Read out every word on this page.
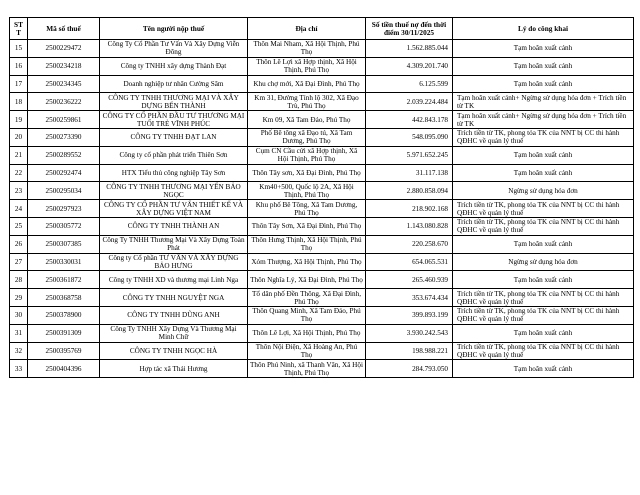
ST T	Mã số thuế	Tên người nộp thuế	Địa chỉ	Số tiền thuế nợ đến thời điểm 30/11/2025	Lý do công khai
15	2500229472	Công Ty Cổ Phần Tư Vấn Và Xây Dựng Viễn Đông	Thôn Mai Nham, Xã Hội Thịnh, Phú Thọ	1.562.885.044	Tạm hoãn xuất cảnh
16	2500234218	Công ty TNHH xây dựng Thành Đạt	Thôn Lê Lợi xã Hợp thịnh, Xã Hội Thịnh, Phú Thọ	4.309.201.740	Tạm hoãn xuất cảnh
17	2500234345	Doanh nghiệp tư nhân Cường Sâm	Khu chợ mới, Xã Đại Đình, Phú Thọ	6.125.599	Tạm hoãn xuất cảnh
18	2500236222	CÔNG TY TNHH THƯƠNG MẠI VÀ XÂY DỰNG BẾN THÀNH	Km 31, Đường Tỉnh lộ 302, Xã Đạo Trù, Phú Thọ	2.039.224.484	Tạm hoãn xuất cảnh+ Ngừng sử dụng hóa đơn + Trích tiền từ TK
19	2500259861	CÔNG TY CỔ PHẦN ĐẦU TƯ THƯƠNG MẠI TUỔI TRẺ VĨNH PHÚC	Km 09, Xã Tam Đảo, Phú Thọ	442.843.178	Tạm hoãn xuất cảnh+ Ngừng sử dụng hóa đơn + Trích tiền từ TK
20	2500273390	CÔNG TY TNHH ĐẠT LAN	Phố Bê tông xã Đạo tú, Xã Tam Dương, Phú Thọ	548.095.090	Trích tiền từ TK, phong tỏa TK của NNT bị CC thi hành QĐHC về quản lý thuế
21	2500289552	Công ty cổ phần phát triển Thiên Sơn	Cụm CN Cầu cửi xã Hợp thịnh, Xã Hội Thịnh, Phú Thọ	5.971.652.245	Tạm hoãn xuất cảnh
22	2500292474	HTX Tiểu thủ công nghiệp Tây Sơn	Thôn Tây sơn, Xã Đại Đình, Phú Thọ	31.117.138	Tạm hoãn xuất cảnh
23	2500295034	CÔNG TY TNHH THƯƠNG MẠI YẾN BẢO NGỌC	Km40+500, Quốc lộ 2A, Xã Hội Thịnh, Phú Thọ	2.880.858.094	Ngừng sử dụng hóa đơn
24	2500297923	CÔNG TY CỔ PHẦN TƯ VẤN THIẾT KẾ VÀ XÂY DỰNG VIỆT NAM	Khu phố Bê Tông, Xã Tam Dương, Phú Thọ	218.902.168	Trích tiền từ TK, phong tỏa TK của NNT bị CC thi hành QĐHC về quản lý thuế
25	2500305772	CÔNG TY TNHH THÀNH AN	Thôn Tây Sơn, Xã Đại Đình, Phú Thọ	1.143.080.828	Trích tiền từ TK, phong tỏa TK của NNT bị CC thi hành QĐHC về quản lý thuế
26	2500307385	Công Ty TNHH Thương Mại Và Xây Dựng Toàn Phát	Thôn Hưng Thịnh, Xã Hội Thịnh, Phú Thọ	220.258.670	Tạm hoãn xuất cảnh
27	2500330031	Công ty Cổ phần TƯ VẤN VÀ XÂY DỰNG BẢO HƯNG	Xóm Thượng, Xã Hội Thịnh, Phú Thọ	654.065.531	Ngừng sử dụng hóa đơn
28	2500361872	Công ty TNHH XD và thương mại Linh Nga	Thôn Nghĩa Lý, Xã Đại Đình, Phú Thọ	265.460.939	Tạm hoãn xuất cảnh
29	2500368758	CÔNG TY TNHH NGUYỆT NGA	Tổ dân phố Đền Thõng, Xã Đại Đình, Phú Thọ	353.674.434	Trích tiền từ TK, phong tỏa TK của NNT bị CC thi hành QĐHC về quản lý thuế
30	2500378900	CÔNG TY TNHH DŨNG ANH	Thôn Quang Minh, Xã Tam Đảo, Phú Thọ	399.893.199	Trích tiền từ TK, phong tỏa TK của NNT bị CC thi hành QĐHC về quản lý thuế
31	2500391309	Công Ty TNHH Xây Dựng Và Thương Mại Minh Chữ	Thôn Lê Lợi, Xã Hội Thịnh, Phú Thọ	3.930.242.543	Tạm hoãn xuất cảnh
32	2500395769	CÔNG TY TNHH NGỌC HÀ	Thôn Nội Điện, Xã Hoàng An, Phú Thọ	198.988.221	Trích tiền từ TK, phong tỏa TK của NNT bị CC thi hành QĐHC về quản lý thuế
33	2500404396	Hợp tác xã Thái Hương	Thôn Phú Ninh, xã Thanh Vân, Xã Hội Thịnh, Phú Thọ	284.793.050	Tạm hoãn xuất cảnh
